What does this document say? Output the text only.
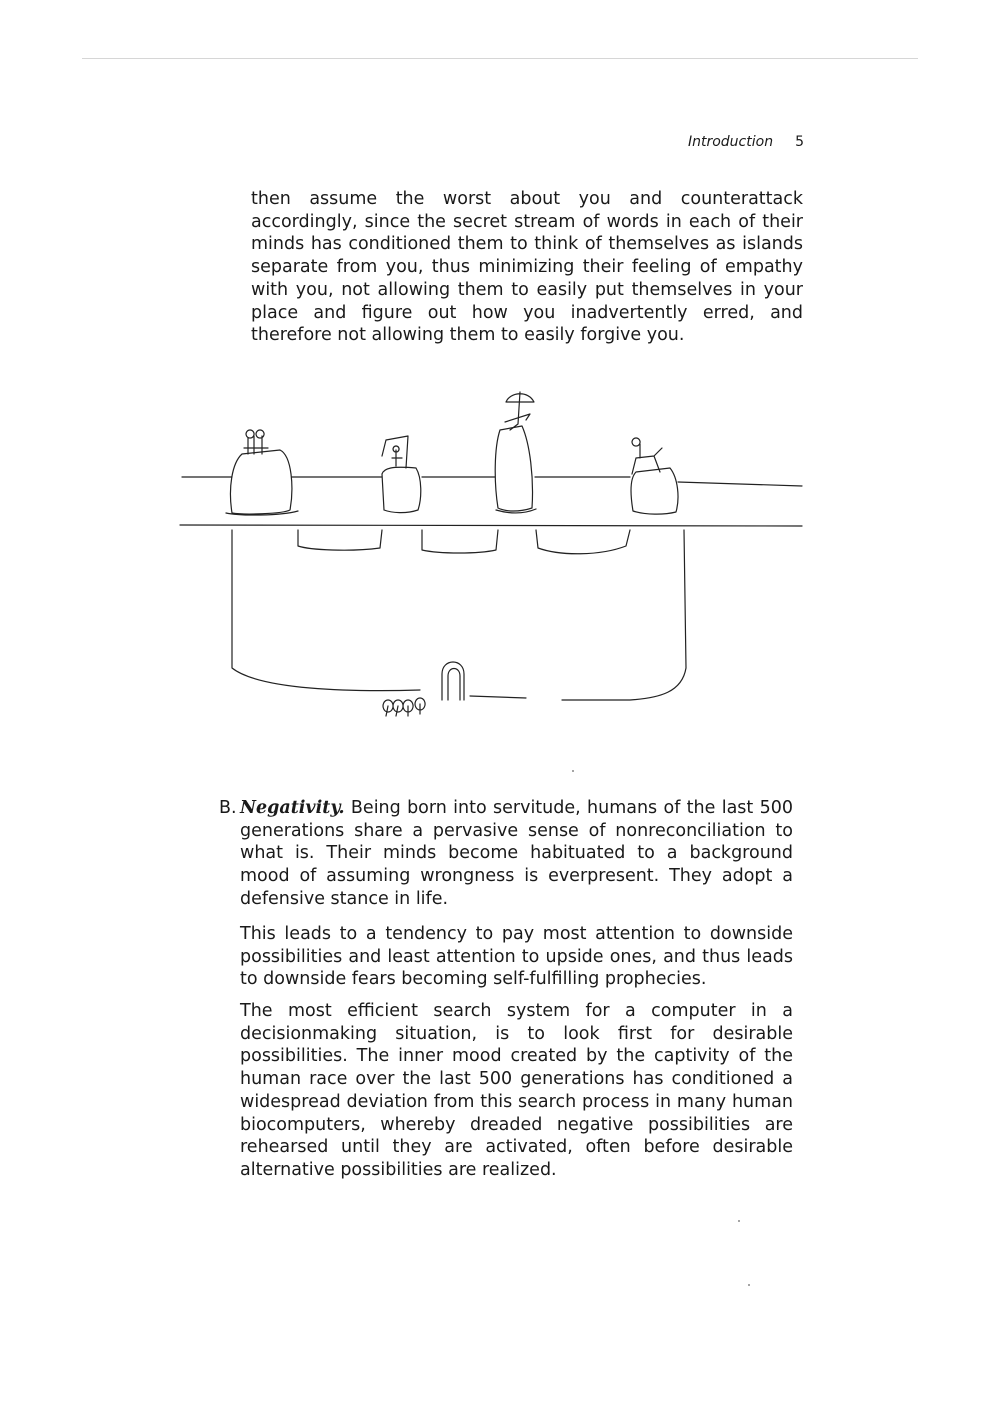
Introduction 5

then assume the worst about you and counterattack accordingly, since the secret stream of words in each of their minds has conditioned them to think of themselves as islands separate from you, thus minimizing their feeling of empathy with you, not allowing them to easily put themselves in your place and figure out how you inadvertently erred, and therefore not allowing them to easily forgive you.

B. Negativity. Being born into servitude, humans of the last 500 generations share a pervasive sense of nonreconciliation to what is. Their minds become habituated to a background mood of assuming wrongness is everpresent. They adopt a defensive stance in life.

This leads to a tendency to pay most attention to downside possibilities and least attention to upside ones, and thus leads to downside fears becoming self-fulfilling prophecies.

The most efficient search system for a computer in a decisionmaking situation, is to look first for desirable possibilities. The inner mood created by the captivity of the human race over the last 500 generations has conditioned a widespread deviation from this search process in many human biocomputers, whereby dreaded negative possibilities are rehearsed until they are activated, often before desirable alternative possibilities are realized.
